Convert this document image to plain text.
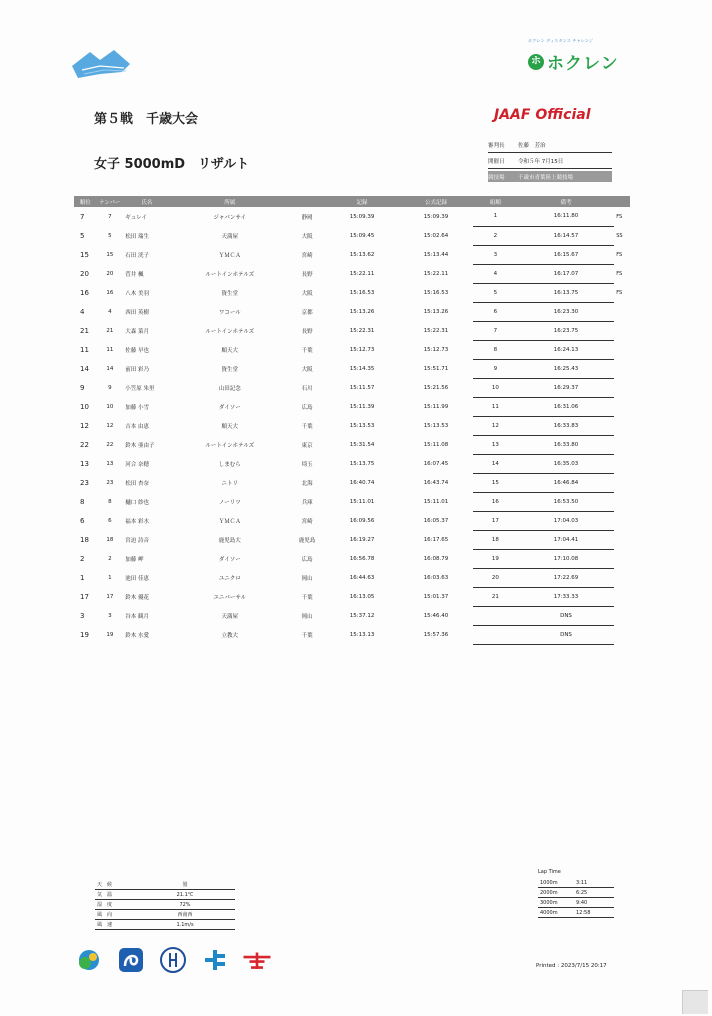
ホクレン ディスタンス チャレンジ
ホ ホクレン
第５戦　千歳大会
女子 5000mD　リザルト
JAAF Official
審判長	佐藤　芳治
開催日	令和５年 7月15日
競技場	千歳市青葉陸上競技場
順位	ナンバー	氏名	所属		記録	公式記録	組順	備考	
7	7	ギュレイ	ジャパンサイ	静岡	15:09.39	15:09.39	1	16:11.80	FS
5	5	松田 瑞生	天満屋	大阪	15:09.45	15:02.64	2	16:14.57	SS
15	15	石田 洸子	ＹＭＣＡ	宮崎	15:13.62	15:13.44	3	16:15.67	FS
20	20	菅井 楓	ルートインホテルズ	長野	15:22.11	15:22.11	4	16:17.07	FS
16	16	八木 美羽	資生堂	大阪	15:16.53	15:16.53	5	16:13.75	FS
4	4	西田 英樹	ワコール	京都	15:13.26	15:13.26	6	16:23.30	
21	21	大森 菜月	ルートインホテルズ	長野	15:22.31	15:22.31	7	16:23.75	
11	11	佐藤 早也	順天大	千葉	15:12.73	15:12.73	8	16:24.13	
14	14	前田 彩乃	資生堂	大阪	15:14.35	15:51.71	9	16:25.43	
9	9	小笠原 朱里	山田記念	石川	15:11.57	15:21.56	10	16:29.37	
10	10	加藤 小雪	ダイソー	広島	15:11.39	15:11.99	11	16:31.06	
12	12	吉本 由恵	順天大	千葉	15:13.53	15:13.53	12	16:33.83	
22	22	鈴木 亜由子	ルートインホテルズ	東京	15:31.54	15:11.08	13	16:33.80	
13	13	河合 奈穂	しまむら	埼玉	15:13.75	16:07.45	14	16:35.03	
23	23	松田 杏奈	ニトリ	北海	16:40.74	16:43.74	15	16:46.84	
8	8	樋口 紗也	ノーリツ	兵庫	15:11.01	15:11.01	16	16:53.50	
6	6	福本 彩水	ＹＭＣＡ	宮崎	16:09.56	16:05.37	17	17:04.03	
18	18	宮迫 詩音	鹿児島大	鹿児島	16:19.27	16:17.65	18	17:04.41	
2	2	加藤 岬	ダイソー	広島	16:56.78	16:08.79	19	17:10.08	
1	1	池田 佳恵	ユニクロ	岡山	16:44.63	16:03.63	20	17:22.69	
17	17	鈴木 優花	ユニバーサル	千葉	16:13.05	15:01.37	21	17:33.33	
3	3	谷本 観月	天満屋	岡山	15:37.12	15:46.40		DNS	
19	19	鈴木 水愛	立教大	千葉	15:13.13	15:57.36		DNS	
天　候	曇
気　温	21.1℃
湿　度	72%
風　向	西南西
風　速	1.1m/s
Lap Time
1000m	3:11
2000m	6:25
3000m	9:40
4000m	12:58
Printed : 2023/7/15 20:17
